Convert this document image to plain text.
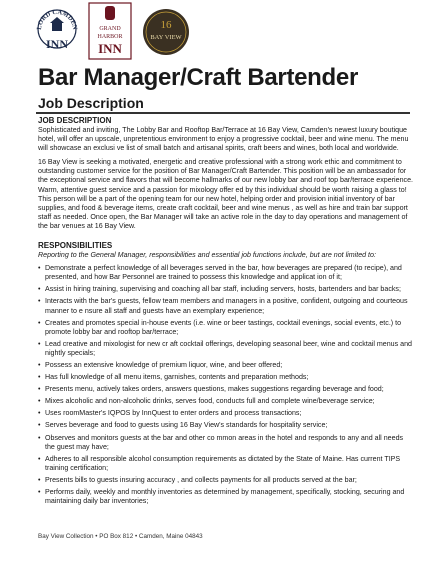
LORD CAMDEN
INN
GRAND
HARBOR
INN
16
BAY VIEW
Bar Manager/Craft Bartender
Job Description

JOB DESCRIPTION

Sophisticated and inviting, The Lobby Bar and Rooftop Bar/Terrace at 16 Bay View, Camden's newest luxury boutique hotel, will offer an upscale, unpretentious environment to enjoy a progressive cocktail, beer and wine menu. The menu will showcase an exclusi ve list of small batch and artisanal spirits, craft beers and wines, both local and worldwide.

16 Bay View is seeking a motivated, energetic and creative professional with a strong work ethic and commitment to outstanding customer service for the position of Bar Manager/Craft Bartender. This position will be an ambassador for the exceptional service and flavors that will become hallmarks of our new lobby bar and roof top bar/terrace experience. Warm, attentive guest service and a passion for mixology offer ed by this individual should be worth raising a glass to! This person will be a part of the opening team for our new hotel, helping order and provision initial inventory of bar supplies, and food & beverage items, create craft cocktail, beer and wine menus , as well as hire and train bar support staff as needed. Once open, the Bar Manager will take an active role in the day to day operations and management of the bar venues at 16 Bay View.

RESPONSIBILITIES

Reporting to the General Manager, responsibilities and essential job functions include, but are not limited to:

• Demonstrate a perfect knowledge of all beverages served in the bar, how beverages are prepared (to recipe), and presented, and how Bar Personnel are trained to possess this knowledge and applicat ion of it;
• Assist in hiring training, supervising and coaching all bar staff, including servers, hosts, bartenders and bar backs;
• Interacts with the bar's guests, fellow team members and managers in a positive, confident, outgoing and courteous manner to e nsure all staff and guests have an exemplary experience;
• Creates and promotes special in-house events (i.e. wine or beer tastings, cocktail evenings, social events, etc.) to promote lobby bar and rooftop bar/terrace;
• Lead creative and mixologist for new cr aft cocktail offerings, developing seasonal beer, wine and cocktail menus and nightly specials;
• Possess an extensive knowledge of premium liquor, wine, and beer offered;
• Has full knowledge of all menu items, garnishes, contents and preparation methods;
• Presents menu, actively takes orders, answers questions, makes suggestions regarding beverage and food;
• Mixes alcoholic and non-alcoholic drinks, serves food, conducts full and complete wine/beverage service;
• Uses roomMaster's IQPOS by InnQuest to enter orders and process transactions;
• Serves beverage and food to guests using 16 Bay View's standards for hospitality service;
• Observes and monitors guests at the bar and other co mmon areas in the hotel and responds to any and all needs the guest may have;
• Adheres to all responsible alcohol consumption requirements as dictated by the State of Maine. Has current TIPS training certification;
• Presents bills to guests insuring accuracy , and collects payments for all products served at the bar;
• Performs daily, weekly and monthly inventories as determined by management, specifically, stocking, securing and maintaining daily bar inventories;
Bay View Collection • PO Box 812 • Camden, Maine 04843
